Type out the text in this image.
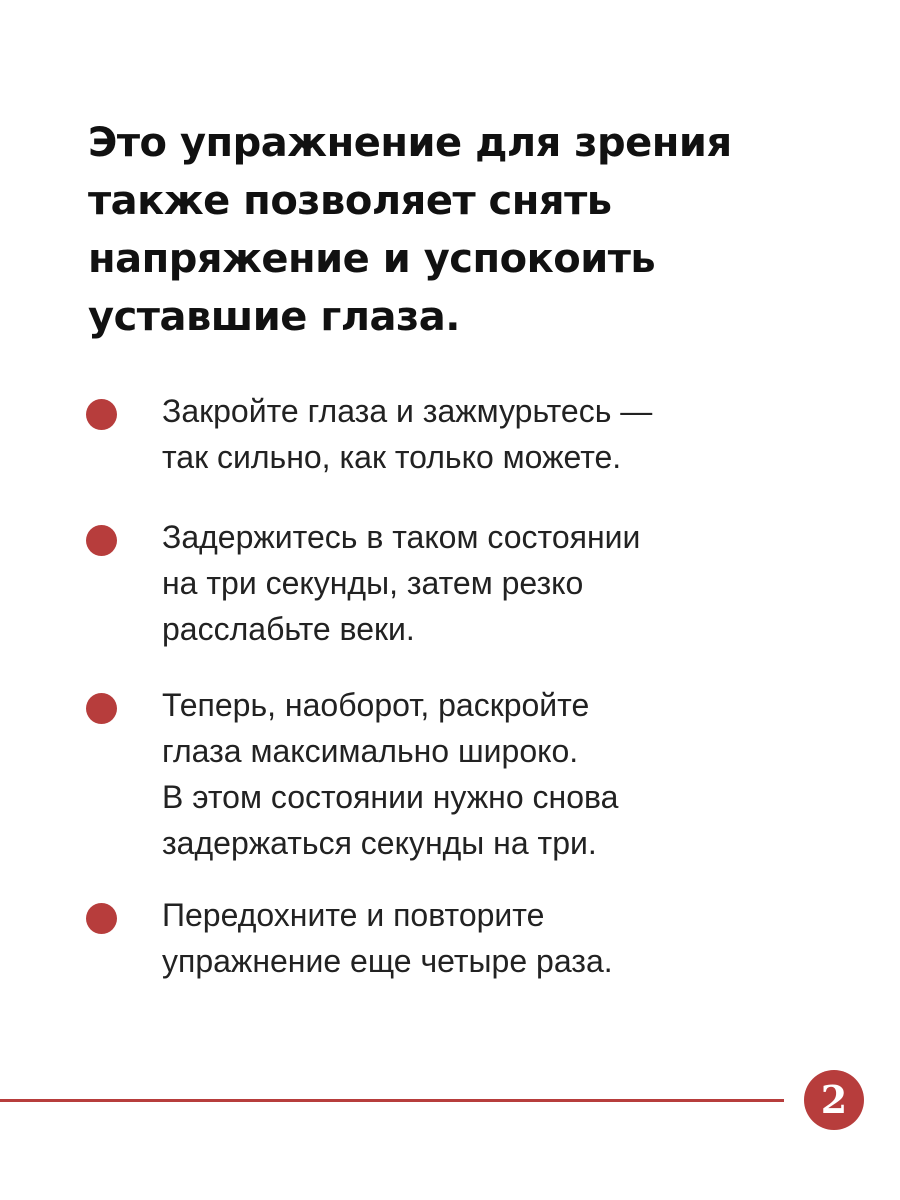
Это упражнение для зрения
также позволяет снять
напряжение и успокоить
уставшие глаза.
Закройте глаза и зажмурьтесь —
так сильно, как только можете.
Задержитесь в таком состоянии
на три секунды, затем резко
расслабьте веки.
Теперь, наоборот, раскройте
глаза максимально широко.
В этом состоянии нужно снова
задержаться секунды на три.
Передохните и повторите
упражнение еще четыре раза.
2
